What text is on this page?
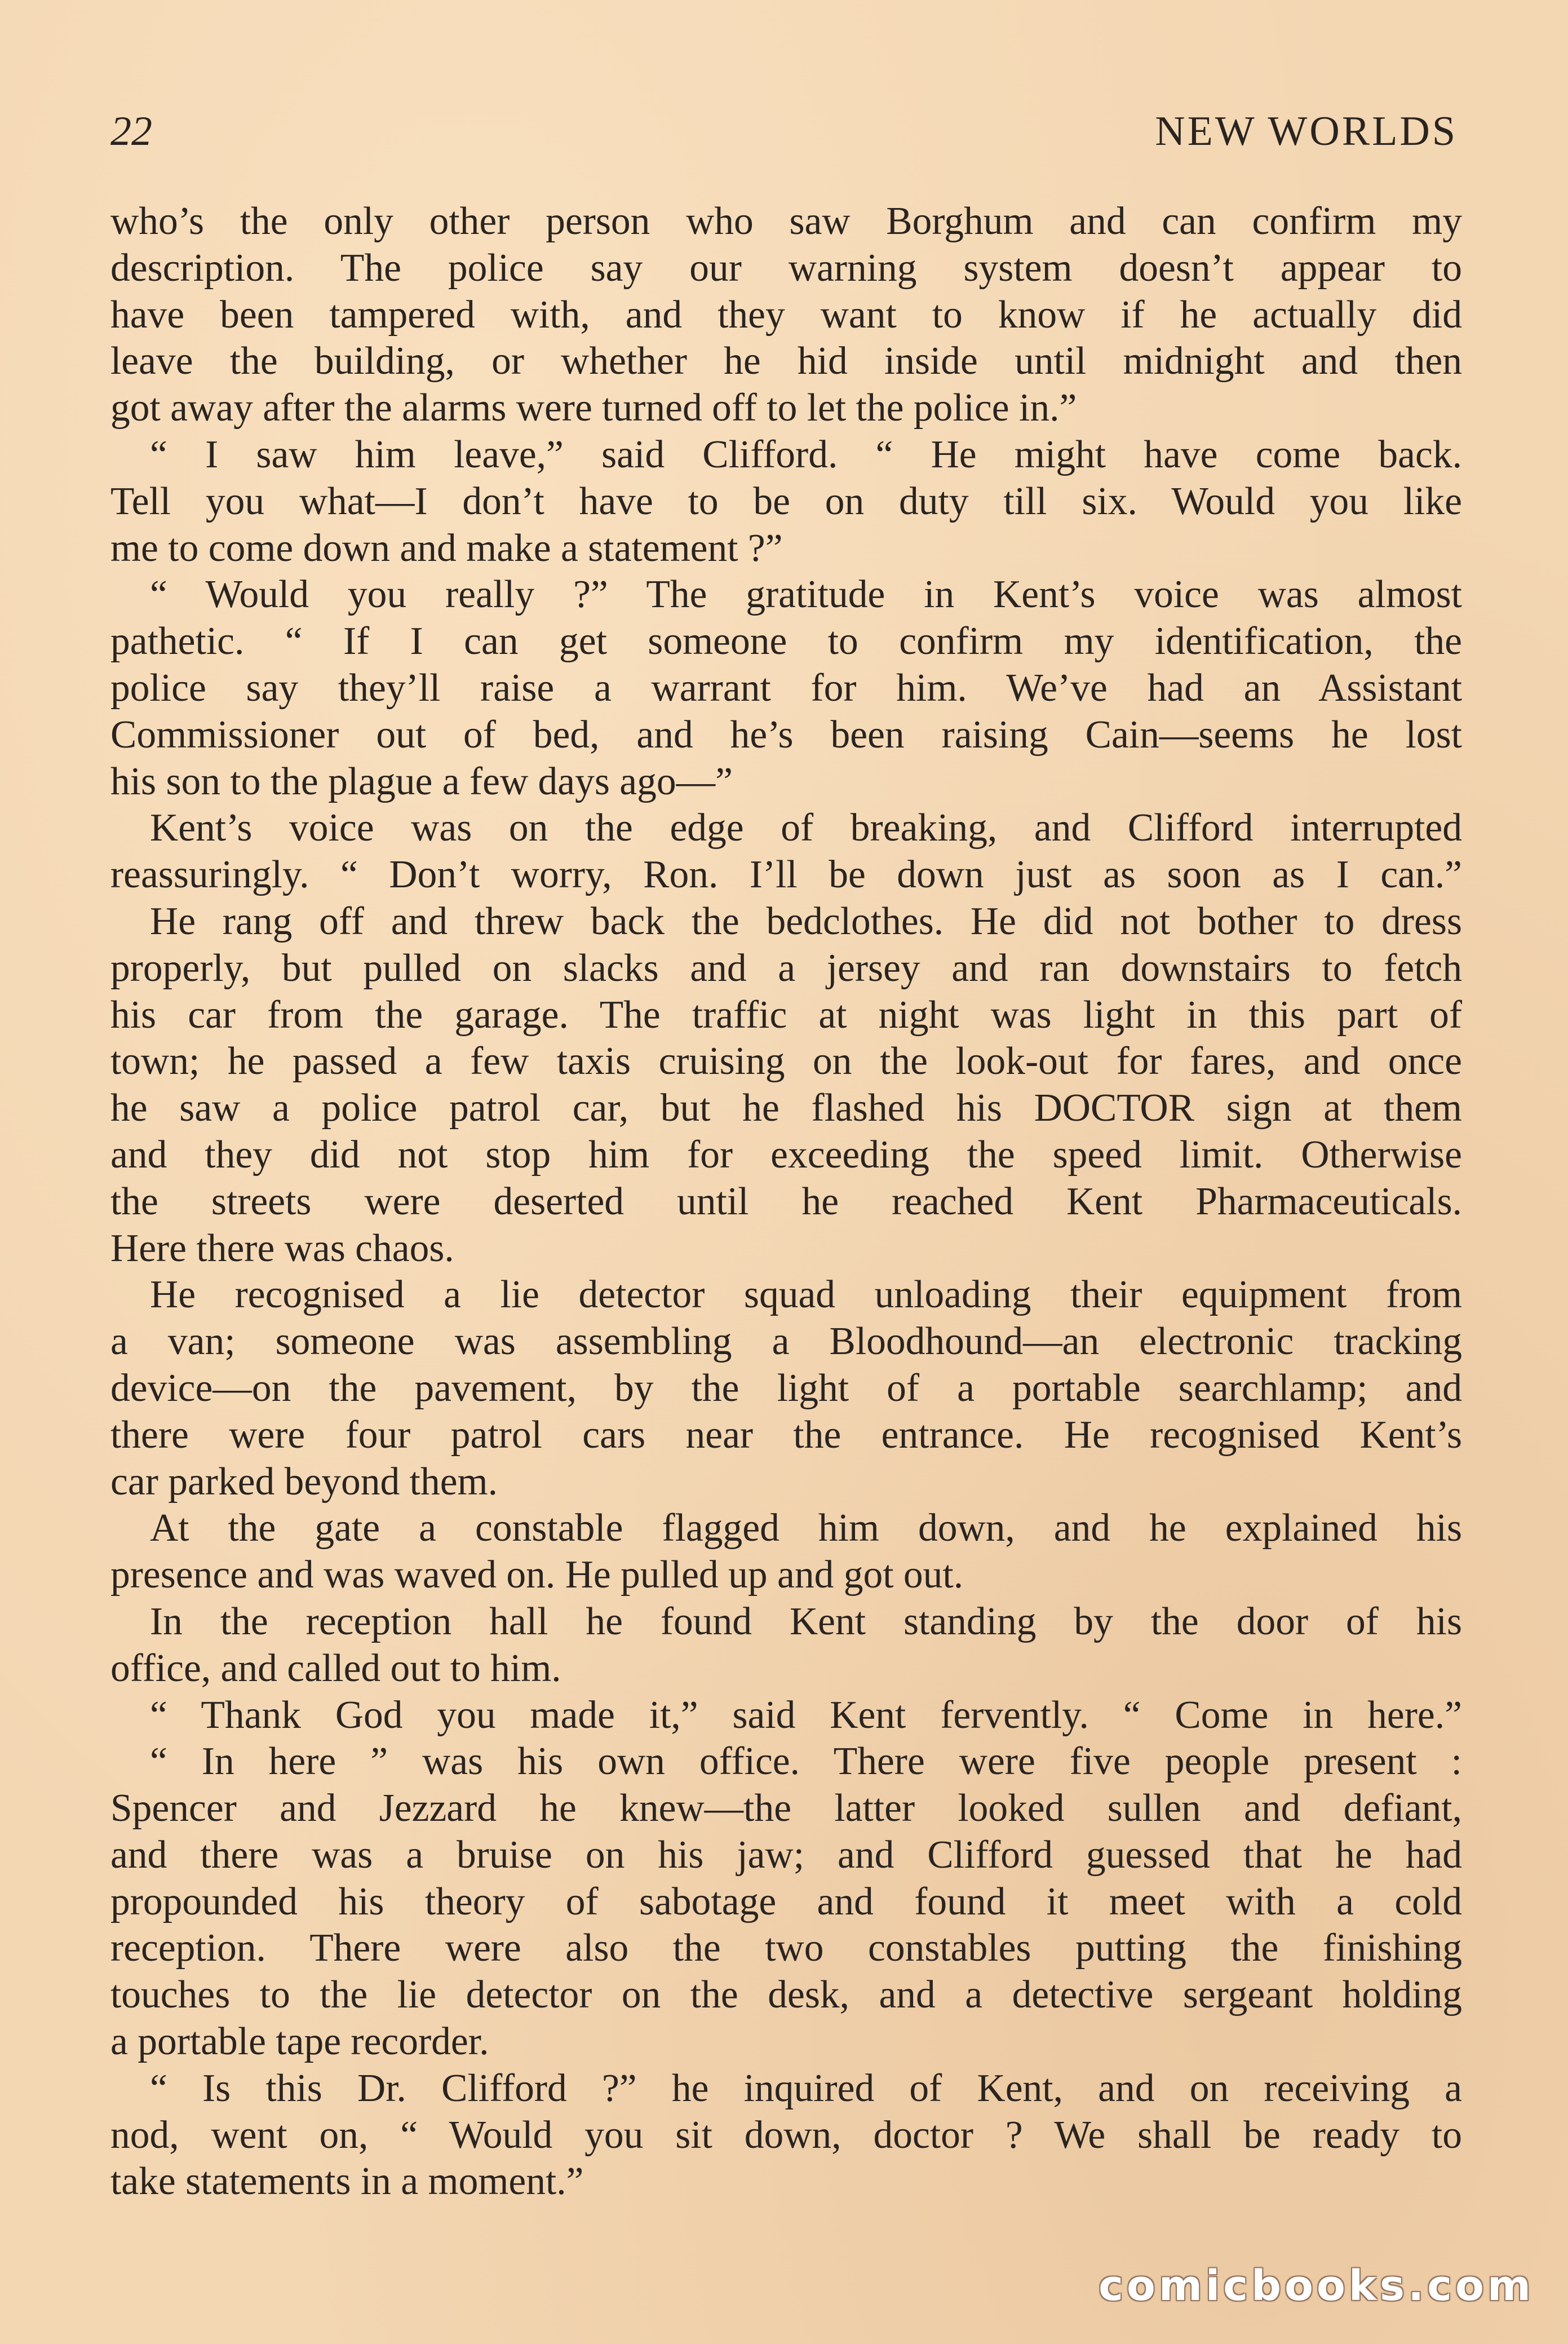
22	NEW WORLDS
who’s the only other person who saw Borghum and can confirm my
description. The police say our warning system doesn’t appear to
have been tampered with, and they want to know if he actually did
leave the building, or whether he hid inside until midnight and then
got away after the alarms were turned off to let the police in.”
“ I saw him leave,” said Clifford. “ He might have come back.
Tell you what—I don’t have to be on duty till six. Would you like
me to come down and make a statement ?”
“ Would you really ?” The gratitude in Kent’s voice was almost
pathetic. “ If I can get someone to confirm my identification, the
police say they’ll raise a warrant for him. We’ve had an Assistant
Commissioner out of bed, and he’s been raising Cain—seems he lost
his son to the plague a few days ago—”
Kent’s voice was on the edge of breaking, and Clifford interrupted
reassuringly. “ Don’t worry, Ron. I’ll be down just as soon as I can.”
He rang off and threw back the bedclothes. He did not bother to dress
properly, but pulled on slacks and a jersey and ran downstairs to fetch
his car from the garage. The traffic at night was light in this part of
town; he passed a few taxis cruising on the look-out for fares, and once
he saw a police patrol car, but he flashed his DOCTOR sign at them
and they did not stop him for exceeding the speed limit. Otherwise
the streets were deserted until he reached Kent Pharmaceuticals.
Here there was chaos.
He recognised a lie detector squad unloading their equipment from
a van; someone was assembling a Bloodhound—an electronic tracking
device—on the pavement, by the light of a portable searchlamp; and
there were four patrol cars near the entrance. He recognised Kent’s
car parked beyond them.
At the gate a constable flagged him down, and he explained his
presence and was waved on. He pulled up and got out.
In the reception hall he found Kent standing by the door of his
office, and called out to him.
“ Thank God you made it,” said Kent fervently. “ Come in here.”
“ In here ” was his own office. There were five people present :
Spencer and Jezzard he knew—the latter looked sullen and defiant,
and there was a bruise on his jaw; and Clifford guessed that he had
propounded his theory of sabotage and found it meet with a cold
reception. There were also the two constables putting the finishing
touches to the lie detector on the desk, and a detective sergeant holding
a portable tape recorder.
“ Is this Dr. Clifford ?” he inquired of Kent, and on receiving a
nod, went on, “ Would you sit down, doctor ? We shall be ready to
take statements in a moment.”
comicbooks.com
